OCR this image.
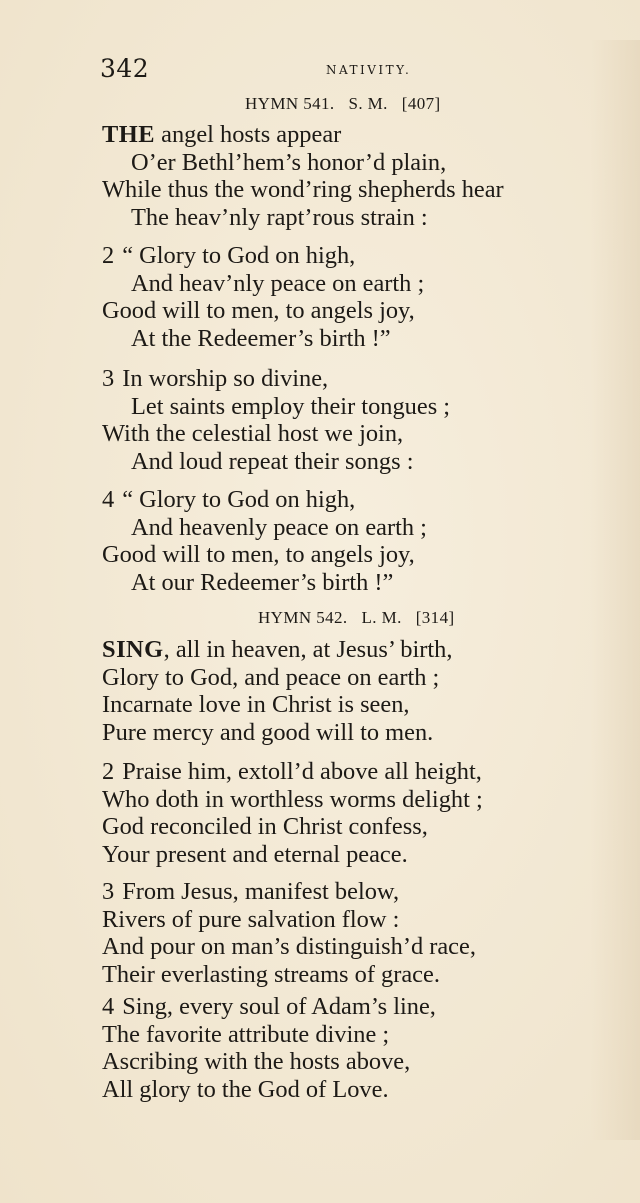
342	NATIVITY.
HYMN 541. S. M. [407]
THE angel hosts appear
O’er Bethl’hem’s honor’d plain,
While thus the wond’ring shepherds hear
The heav’nly rapt’rous strain :
2 “ Glory to God on high,
And heav’nly peace on earth ;
Good will to men, to angels joy,
At the Redeemer’s birth !”
3 In worship so divine,
Let saints employ their tongues ;
With the celestial host we join,
And loud repeat their songs :
4 “ Glory to God on high,
And heavenly peace on earth ;
Good will to men, to angels joy,
At our Redeemer’s birth !”
HYMN 542. L. M. [314]
SING, all in heaven, at Jesus’ birth,
Glory to God, and peace on earth ;
Incarnate love in Christ is seen,
Pure mercy and good will to men.
2 Praise him, extoll’d above all height,
Who doth in worthless worms delight ;
God reconciled in Christ confess,
Your present and eternal peace.
3 From Jesus, manifest below,
Rivers of pure salvation flow :
And pour on man’s distinguish’d race,
Their everlasting streams of grace.
4 Sing, every soul of Adam’s line,
The favorite attribute divine ;
Ascribing with the hosts above,
All glory to the God of Love.
